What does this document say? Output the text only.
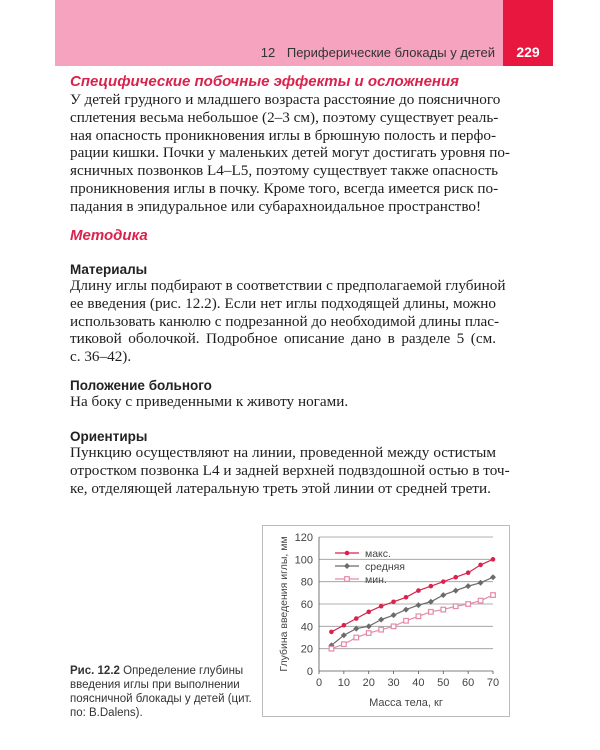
12 Периферические блокады у детей	229
Специфические побочные эффекты и осложнения
У детей грудного и младшего возраста расстояние до поясничного
сплетения весьма небольшое (2–3 см), поэтому существует реаль-
ная опасность проникновения иглы в брюшную полость и перфо-
рации кишки. Почки у маленьких детей могут достигать уровня по-
ясничных позвонков L4–L5, поэтому существует также опасность
проникновения иглы в почку. Кроме того, всегда имеется риск по-
падания в эпидуральное или субарахноидальное пространство!
Методика
Материалы
Длину иглы подбирают в соответствии с предполагаемой глубиной
ее введения (рис. 12.2). Если нет иглы подходящей длины, можно
использовать канюлю с подрезанной до необходимой длины плас-
тиковой оболочкой. Подробное описание дано в разделе 5 (см.
с. 36–42).
Положение больного
На боку с приведенными к животу ногами.
Ориентиры
Пункцию осуществляют на линии, проведенной между остистым
отростком позвонка L4 и задней верхней подвздошной остью в точ-
ке, отделяющей латеральную треть этой линии от средней трети.
Рис. 12.2 Определение глубины введения иглы при выполнении поясничной блокады у детей (цит. по: B.Dalens).
0
20
40
60
80
100
120
0 10 20 30 40 50 60 70
Масса тела, кг
Глубина введения иглы, мм	макс.
средняя
мин.
